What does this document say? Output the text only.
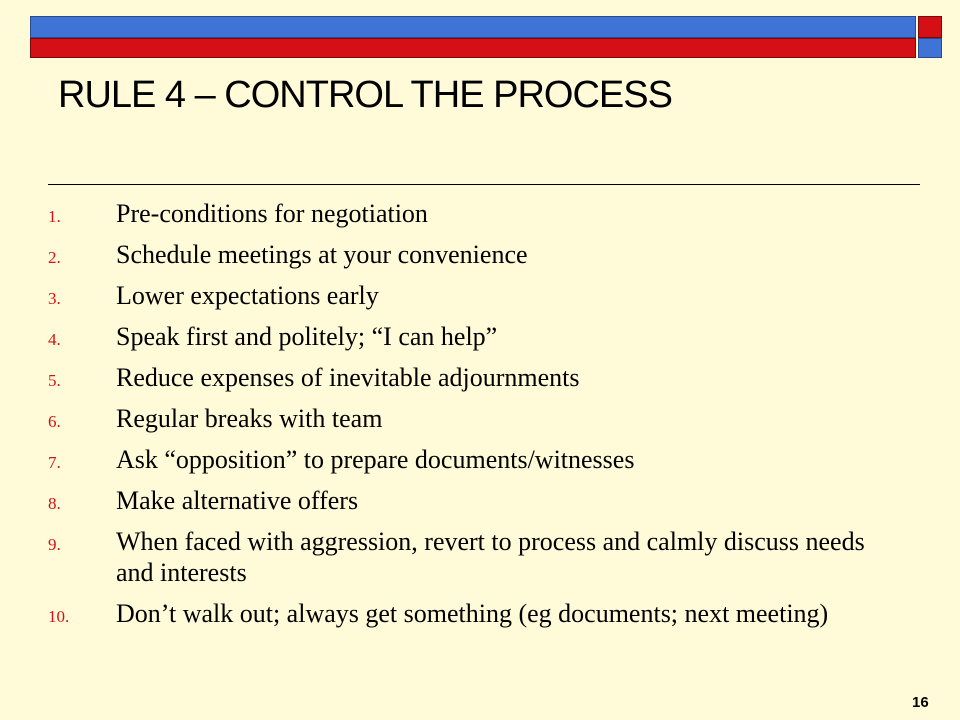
RULE 4 – CONTROL THE PROCESS
1.	Pre-conditions for negotiation
2.	Schedule meetings at your convenience
3.	Lower expectations early
4.	Speak first and politely; “I can help”
5.	Reduce expenses of inevitable adjournments
6.	Regular breaks with team
7.	Ask “opposition” to prepare documents/witnesses
8.	Make alternative offers
9.	When faced with aggression, revert to process and calmly discuss needs and interests
10.	Don’t walk out; always get something (eg documents; next meeting)
16
